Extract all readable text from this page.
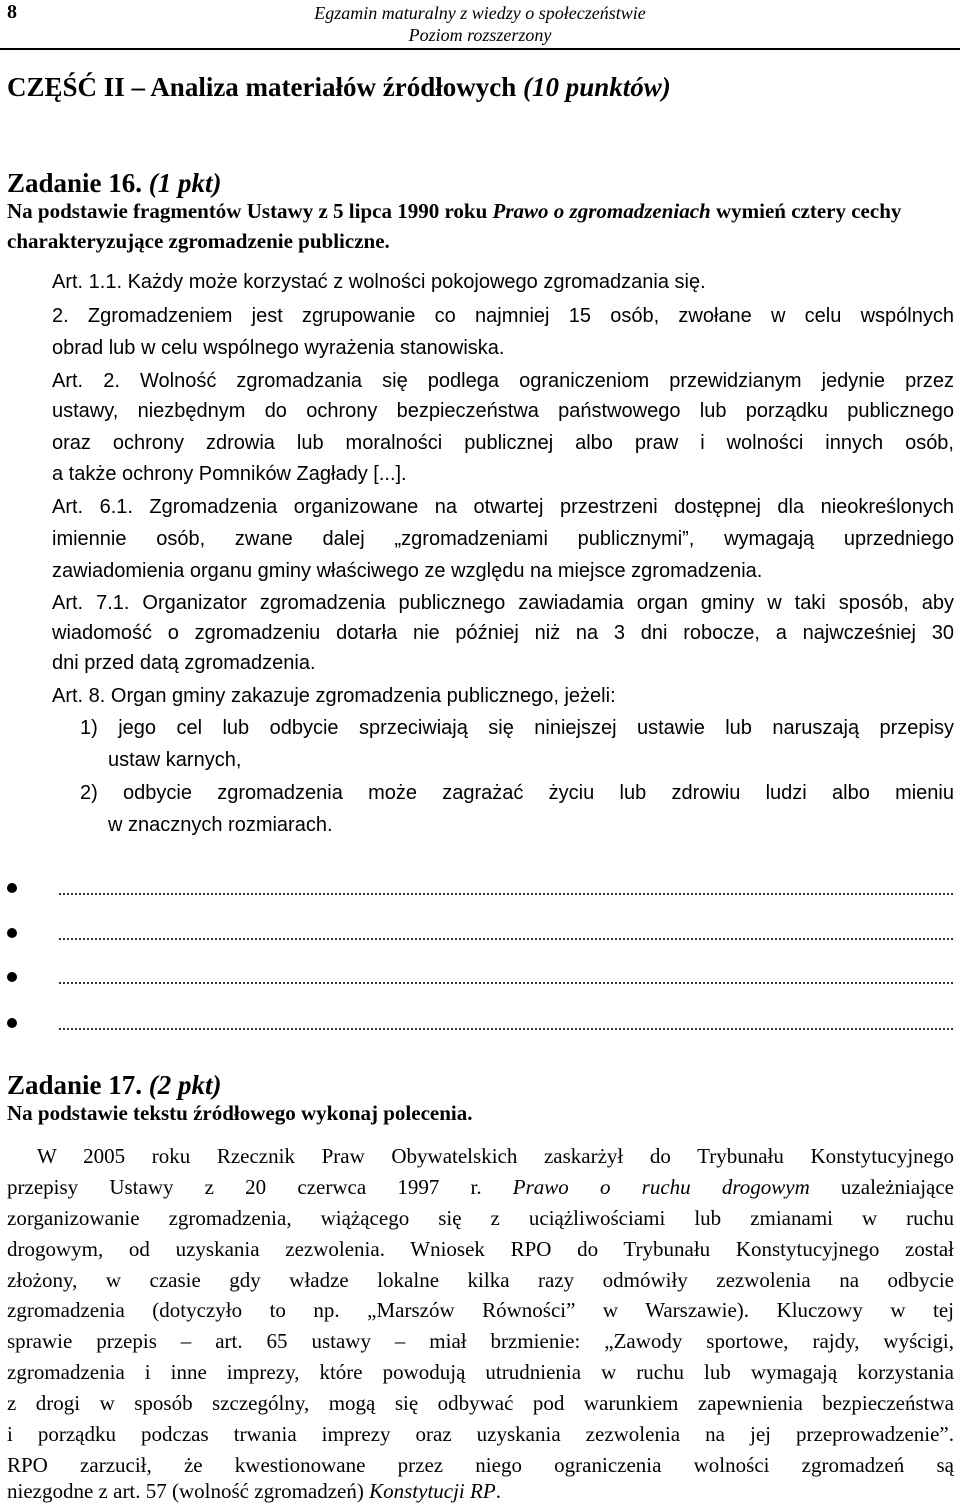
8	Egzamin maturalny z wiedzy o społeczeństwie
Poziom rozszerzony
CZĘŚĆ II – Analiza materiałów źródłowych (10 punktów)
Zadanie 16. (1 pkt)
Na podstawie fragmentów Ustawy z 5 lipca 1990 roku Prawo o zgromadzeniach wymień cztery cechy charakteryzujące zgromadzenie publiczne.
Art. 1.1. Każdy może korzystać z wolności pokojowego zgromadzania się.
2. Zgromadzeniem jest zgrupowanie co najmniej 15 osób, zwołane w celu wspólnych
obrad lub w celu wspólnego wyrażenia stanowiska.
Art. 2. Wolność zgromadzania się podlega ograniczeniom przewidzianym jedynie przez
ustawy, niezbędnym do ochrony bezpieczeństwa państwowego lub porządku publicznego
oraz ochrony zdrowia lub moralności publicznej albo praw i wolności innych osób,
a także ochrony Pomników Zagłady [...].
Art. 6.1. Zgromadzenia organizowane na otwartej przestrzeni dostępnej dla nieokreślonych
imiennie osób, zwane dalej „zgromadzeniami publicznymi”, wymagają uprzedniego
zawiadomienia organu gminy właściwego ze względu na miejsce zgromadzenia.
Art. 7.1. Organizator zgromadzenia publicznego zawiadamia organ gminy w taki sposób, aby
wiadomość o zgromadzeniu dotarła nie później niż na 3 dni robocze, a najwcześniej 30
dni przed datą zgromadzenia.
Art. 8. Organ gminy zakazuje zgromadzenia publicznego, jeżeli:
1) jego cel lub odbycie sprzeciwiają się niniejszej ustawie lub naruszają przepisy
ustaw karnych,
2) odbycie zgromadzenia może zagrażać życiu lub zdrowiu ludzi albo mieniu
w znacznych rozmiarach.
Zadanie 17. (2 pkt)
Na podstawie tekstu źródłowego wykonaj polecenia.
W 2005 roku Rzecznik Praw Obywatelskich zaskarżył do Trybunału Konstytucyjnego
przepisy Ustawy z 20 czerwca 1997 r. Prawo o ruchu drogowym uzależniające
zorganizowanie zgromadzenia, wiążącego się z uciążliwościami lub zmianami w ruchu
drogowym, od uzyskania zezwolenia. Wniosek RPO do Trybunału Konstytucyjnego został
złożony, w czasie gdy władze lokalne kilka razy odmówiły zezwolenia na odbycie
zgromadzenia (dotyczyło to np. „Marszów Równości” w Warszawie). Kluczowy w tej
sprawie przepis – art. 65 ustawy – miał brzmienie: „Zawody sportowe, rajdy, wyścigi,
zgromadzenia i inne imprezy, które powodują utrudnienia w ruchu lub wymagają korzystania
z drogi w sposób szczególny, mogą się odbywać pod warunkiem zapewnienia bezpieczeństwa
i porządku podczas trwania imprezy oraz uzyskania zezwolenia na jej przeprowadzenie”.
RPO zarzucił, że kwestionowane przez niego ograniczenia wolności zgromadzeń są
niezgodne z art. 57 (wolność zgromadzeń) Konstytucji RP.
